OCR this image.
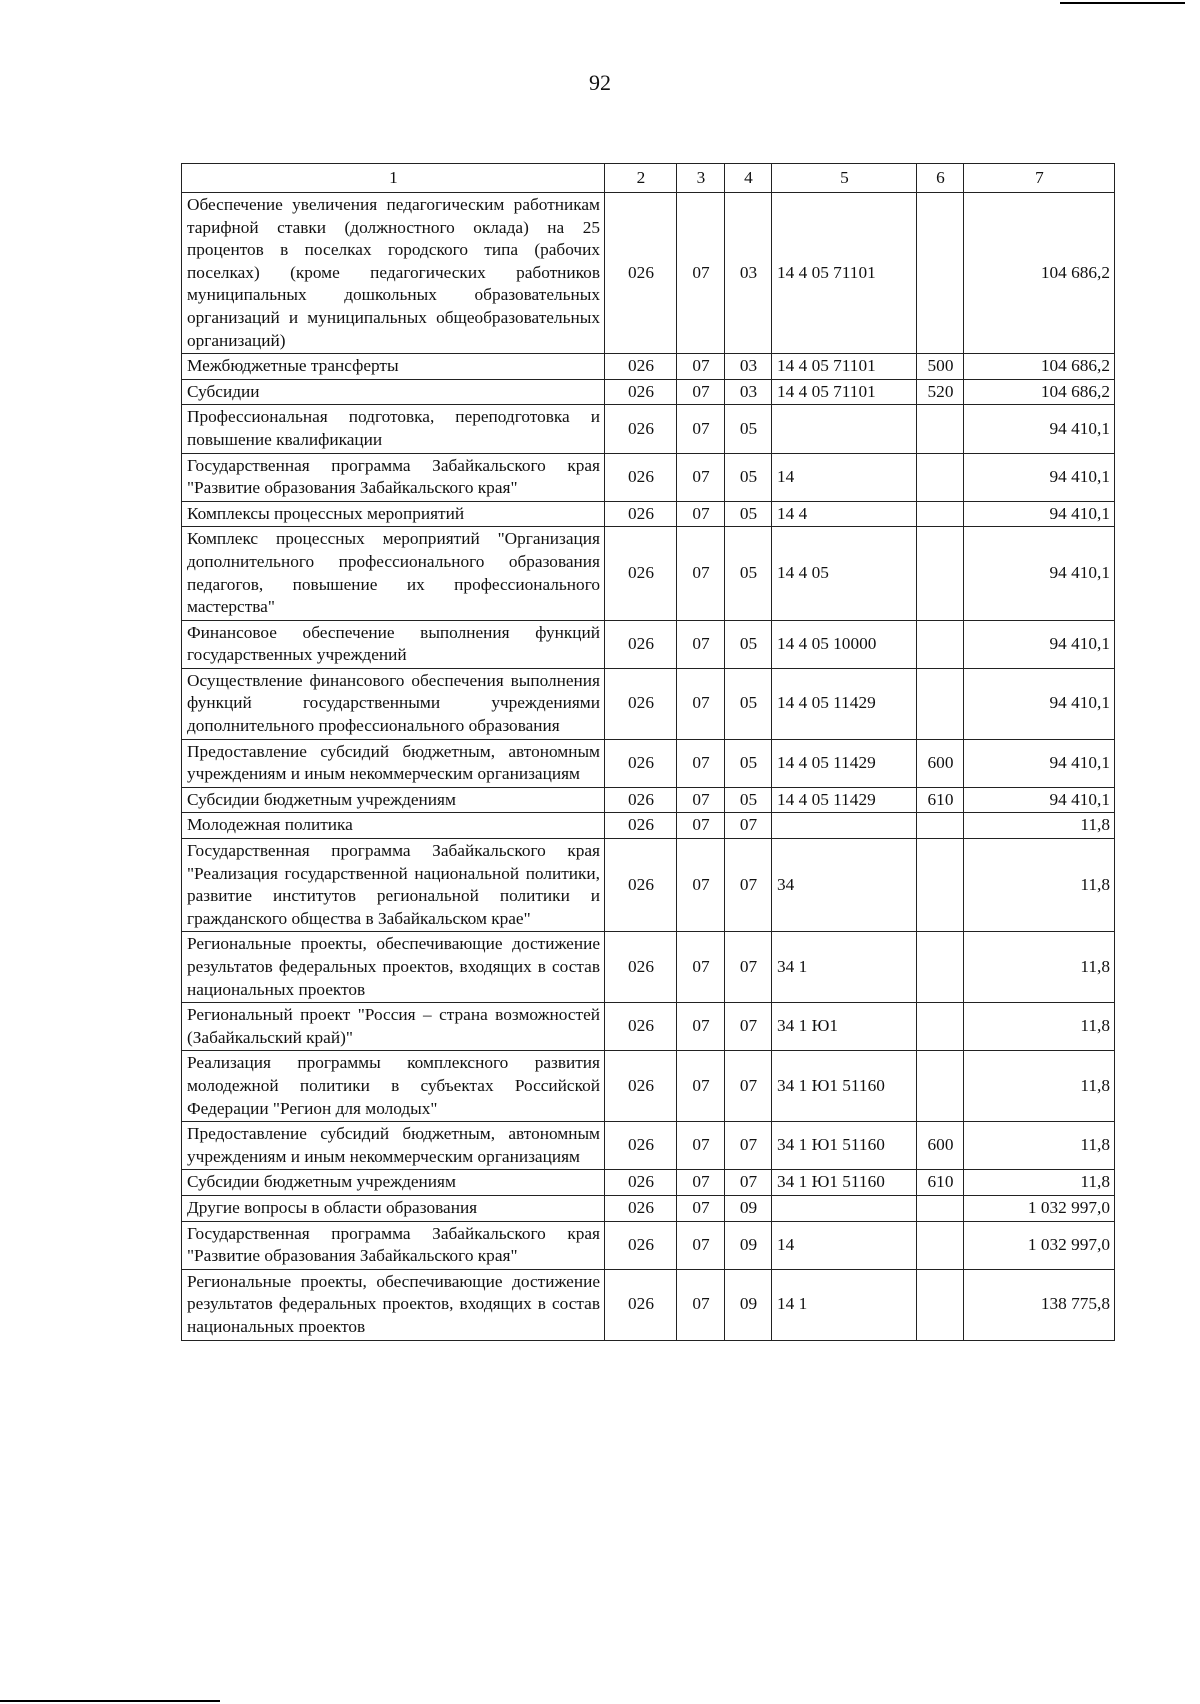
92
1	2	3	4	5	6	7
Обеспечение увеличения педагогическим работникам тарифной ставки (должностного оклада) на 25 процентов в поселках городского типа (рабочих поселках) (кроме педагогических работников муниципальных дошкольных образовательных организаций и муниципальных общеобразовательных организаций)	026	07	03	14 4 05 71101		104 686,2
Межбюджетные трансферты	026	07	03	14 4 05 71101	500	104 686,2
Субсидии	026	07	03	14 4 05 71101	520	104 686,2
Профессиональная подготовка, переподготовка и повышение квалификации	026	07	05			94 410,1
Государственная программа Забайкальского края "Развитие образования Забайкальского края"	026	07	05	14		94 410,1
Комплексы процессных мероприятий	026	07	05	14 4		94 410,1
Комплекс процессных мероприятий "Организация дополнительного профессионального образования педагогов, повышение их профессионального мастерства"	026	07	05	14 4 05		94 410,1
Финансовое обеспечение выполнения функций государственных учреждений	026	07	05	14 4 05 10000		94 410,1
Осуществление финансового обеспечения выполнения функций государственными учреждениями дополнительного профессионального образования	026	07	05	14 4 05 11429		94 410,1
Предоставление субсидий бюджетным, автономным учреждениям и иным некоммерческим организациям	026	07	05	14 4 05 11429	600	94 410,1
Субсидии бюджетным учреждениям	026	07	05	14 4 05 11429	610	94 410,1
Молодежная политика	026	07	07			11,8
Государственная программа Забайкальского края "Реализация государственной национальной политики, развитие институтов региональной политики и гражданского общества в Забайкальском крае"	026	07	07	34		11,8
Региональные проекты, обеспечивающие достижение результатов федеральных проектов, входящих в состав национальных проектов	026	07	07	34 1		11,8
Региональный проект "Россия – страна возможностей (Забайкальский край)"	026	07	07	34 1 Ю1		11,8
Реализация программы комплексного развития молодежной политики в субъектах Российской Федерации "Регион для молодых"	026	07	07	34 1 Ю1 51160		11,8
Предоставление субсидий бюджетным, автономным учреждениям и иным некоммерческим организациям	026	07	07	34 1 Ю1 51160	600	11,8
Субсидии бюджетным учреждениям	026	07	07	34 1 Ю1 51160	610	11,8
Другие вопросы в области образования	026	07	09			1 032 997,0
Государственная программа Забайкальского края "Развитие образования Забайкальского края"	026	07	09	14		1 032 997,0
Региональные проекты, обеспечивающие достижение результатов федеральных проектов, входящих в состав национальных проектов	026	07	09	14 1		138 775,8
